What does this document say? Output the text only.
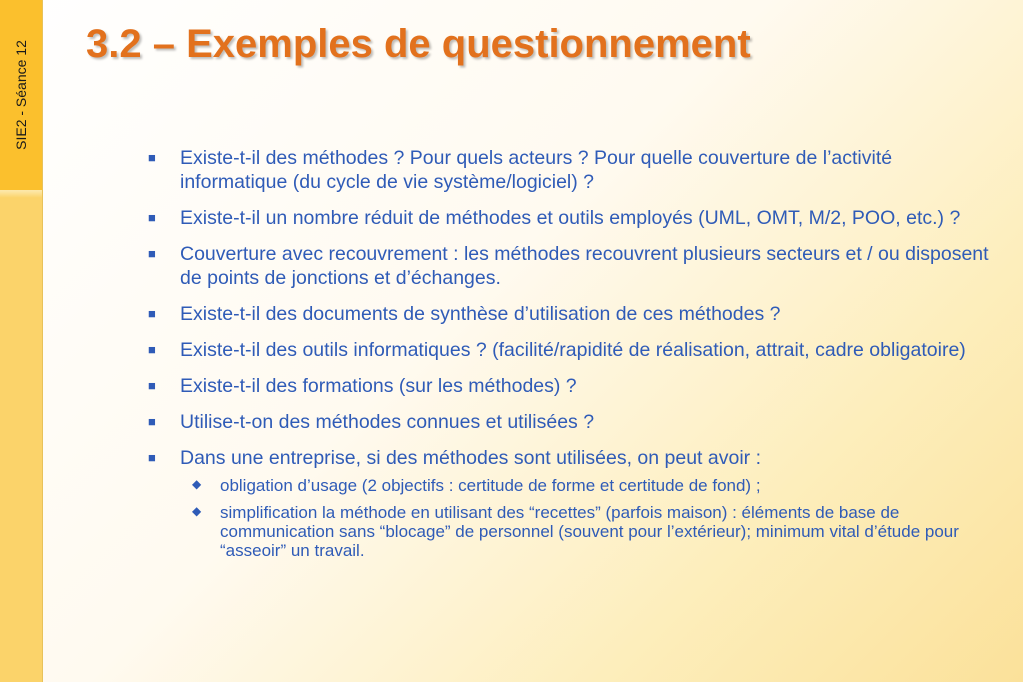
SIE2 - Séance 12 3.2 – Exemples de questionnement
■ Existe-t-il des méthodes ? Pour quels acteurs ? Pour quelle couverture de l’activité informatique (du cycle de vie système/logiciel) ?
■ Existe-t-il un nombre réduit de méthodes et outils employés (UML, OMT, M/2, POO, etc.) ?
■ Couverture avec recouvrement : les méthodes recouvrent plusieurs secteurs et / ou disposent de points de jonctions et d’échanges.
■ Existe-t-il des documents de synthèse d’utilisation de ces méthodes ?
■ Existe-t-il des outils informatiques ? (facilité/rapidité de réalisation, attrait, cadre obligatoire)
■ Existe-t-il des formations (sur les méthodes) ?
■ Utilise-t-on des méthodes connues et utilisées ?
■ Dans une entreprise, si des méthodes sont utilisées, on peut avoir :
◆ obligation d’usage (2 objectifs : certitude de forme et certitude de fond) ;
◆ simplification la méthode en utilisant des “recettes” (parfois maison) : éléments de base de communication sans “blocage” de personnel (souvent pour l’extérieur); minimum vital d’étude pour “asseoir” un travail.
